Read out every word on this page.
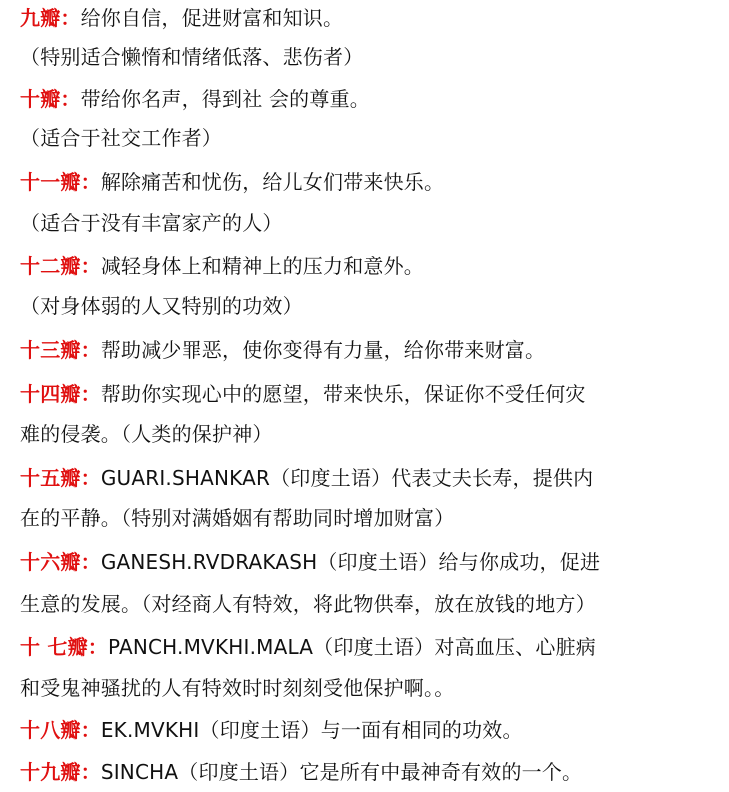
九瓣：给你自信，促进财富和知识。
（特别适合懒惰和情绪低落、悲伤者）
十瓣：带给你名声，得到社 会的尊重。
（适合于社交工作者）
十一瓣：解除痛苦和忧伤，给儿女们带来快乐。
（适合于没有丰富家产的人）
十二瓣：减轻身体上和精神上的压力和意外。
（对身体弱的人又特别的功效）
十三瓣：帮助减少罪恶，使你变得有力量，给你带来财富。
十四瓣：帮助你实现心中的愿望，带来快乐，保证你不受任何灾
难的侵袭。（人类的保护神）
十五瓣：GUARI.SHANKAR（印度土语）代表丈夫长寿，提供内
在的平静。（特别对满婚姻有帮助同时增加财富）
十六瓣：GANESH.RVDRAKASH（印度土语）给与你成功，促进
生意的发展。（对经商人有特效，将此物供奉，放在放钱的地方）
十 七瓣：PANCH.MVKHI.MALA（印度土语）对高血压、心脏病
和受鬼神骚扰的人有特效时时刻刻受他保护啊。。
十八瓣：EK.MVKHI（印度土语）与一面有相同的功效。
十九瓣：SINCHA（印度土语）它是所有中最神奇有效的一个。
